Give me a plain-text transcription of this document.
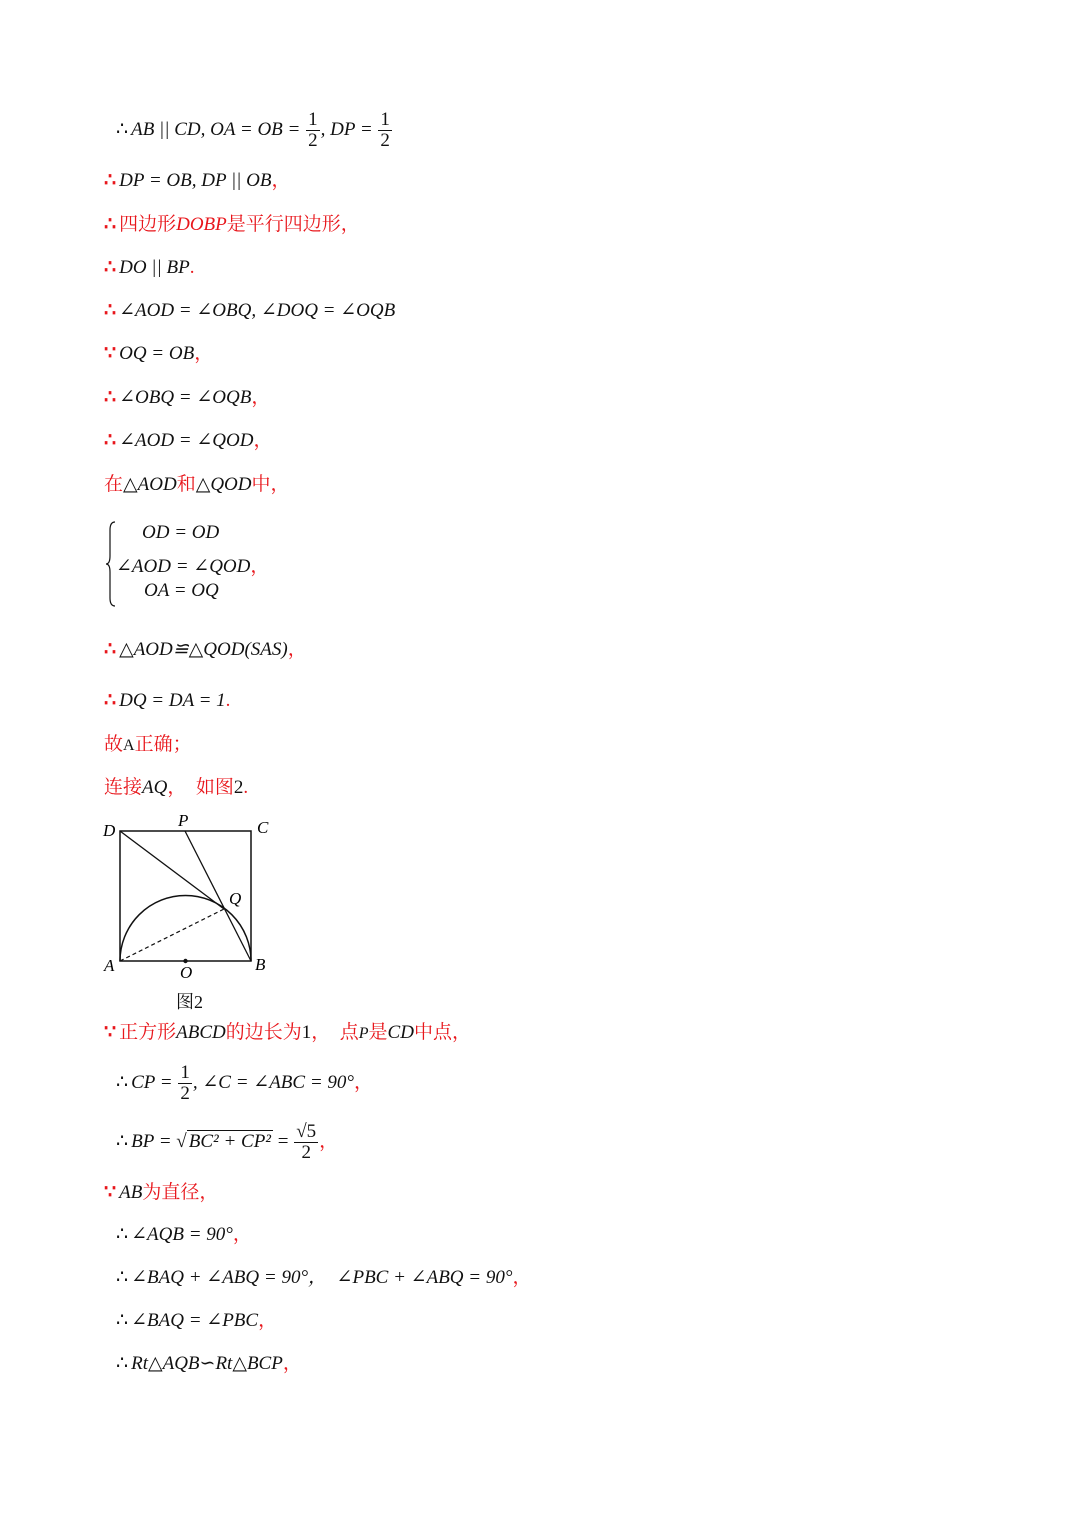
∴ AB || CD, OA = OB = $\frac{1}{2}$ , DP = $\frac{1}{2}$
∴ DP = OB, DP || OB，
∴ 四边形DOBP是平行四边形，
∴ DO || BP.
∴ ∠AOD = ∠OBQ, ∠DOQ = ∠OQB
∵ OQ = OB，
∴ ∠OBQ = ∠OQB，
∴ ∠AOD = ∠QOD，
在△AOD和△QOD中，
OD = OD
∠AOD = ∠QOD，
OA = OQ
∴ △AOD≌△QOD(SAS)，
∴ DQ = DA = 1.
故A正确；
连接AQ，　如图2.
D
P	C
Q
A	O	B
图2
∵ 正方形ABCD的边长为1，　点P是CD中点，
∴ CP = $\frac{1}{2}$ , ∠C = ∠ABC = 90°，
∴ BP = √ $BC^2 + CP^2 = \frac{√5}{2}$ ，
∵ AB为直径，
∴ ∠AQB = 90°，
∴ ∠BAQ + ∠ABQ = 90°，　∠PBC + ∠ABQ = 90°，
∴ ∠BAQ = ∠PBC，
∴ Rt△AQB∽Rt△BCP，
